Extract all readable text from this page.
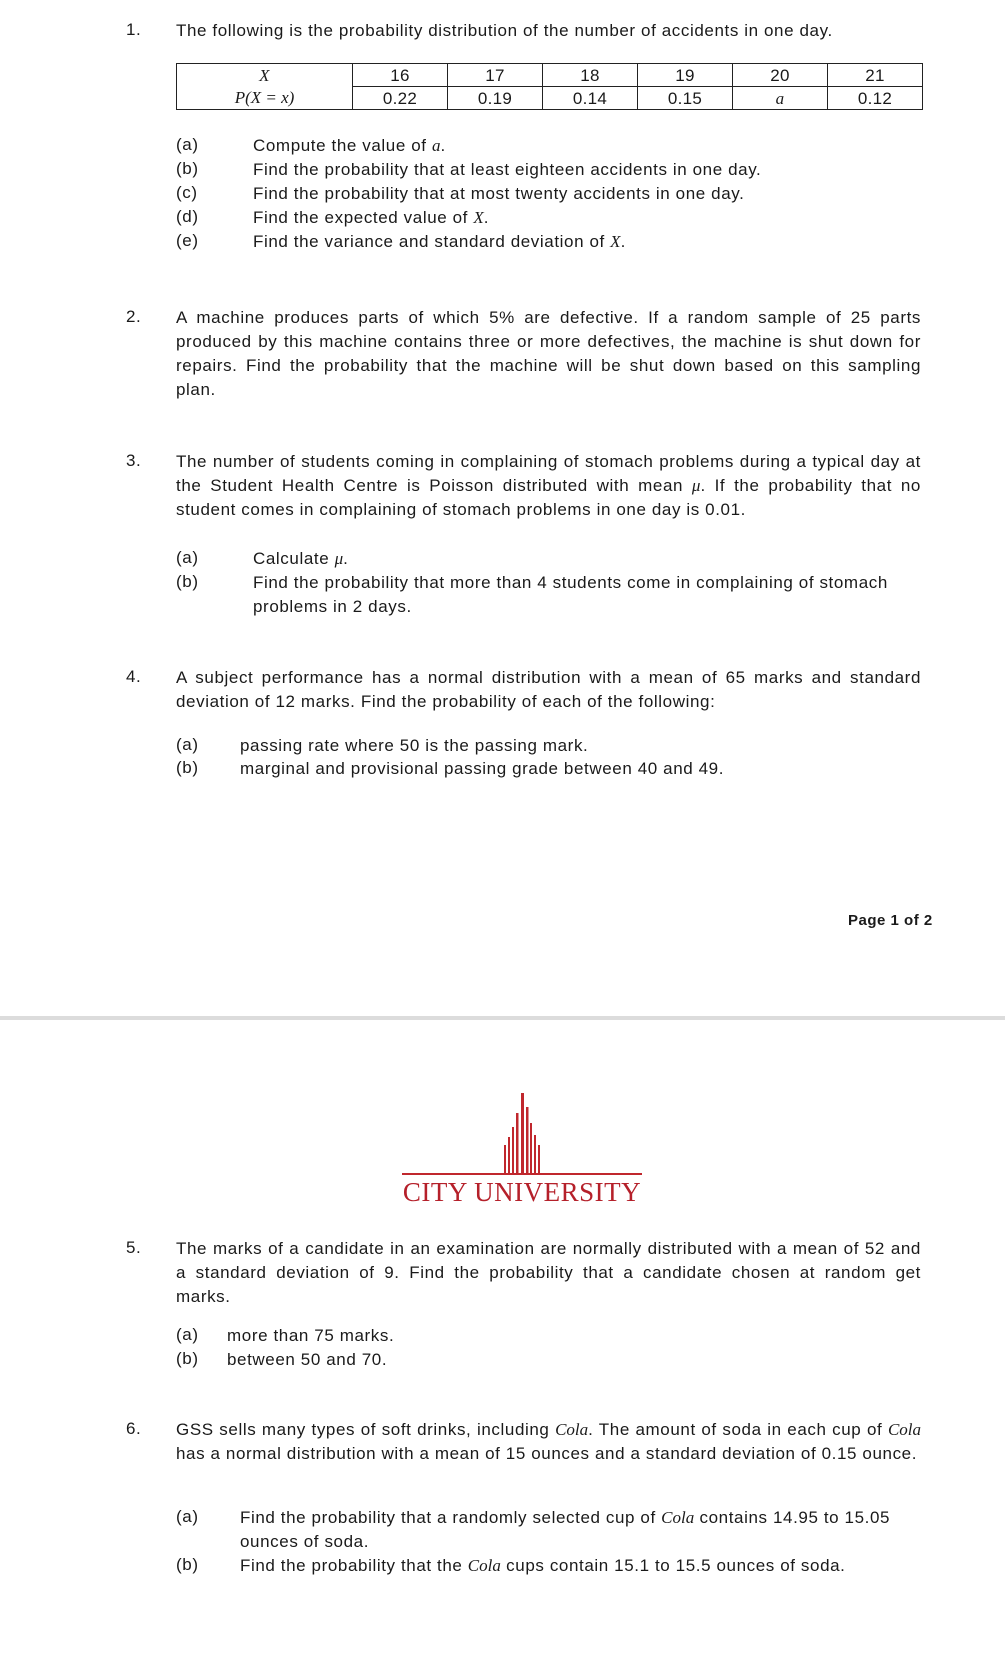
1. The following is the probability distribution of the number of accidents in one day.
X	16	17	18	19	20	21
P(X = x)	0.22	0.19	0.14	0.15	a	0.12
(a)	Compute the value of a.
(b)	Find the probability that at least eighteen accidents in one day.
(c)	Find the probability that at most twenty accidents in one day.
(d)	Find the expected value of X.
(e)	Find the variance and standard deviation of X.
2. A machine produces parts of which 5% are defective. If a random sample of 25 parts produced by this machine contains three or more defectives, the machine is shut down for repairs. Find the probability that the machine will be shut down based on this sampling plan.
3. The number of students coming in complaining of stomach problems during a typical day at the Student Health Centre is Poisson distributed with mean μ. If the probability that no student comes in complaining of stomach problems in one day is 0.01.
(a)	Calculate μ.
(b)	Find the probability that more than 4 students come in complaining of stomach problems in 2 days.
4. A subject performance has a normal distribution with a mean of 65 marks and standard deviation of 12 marks. Find the probability of each of the following:
(a) passing rate where 50 is the passing mark.
(b) marginal and provisional passing grade between 40 and 49.
Page 1 of 2
CITY UNIVERSITY
5. The marks of a candidate in an examination are normally distributed with a mean of 52 and a standard deviation of 9. Find the probability that a candidate chosen at random get marks.
(a) more than 75 marks.
(b) between 50 and 70.
6. GSS sells many types of soft drinks, including Cola. The amount of soda in each cup of Cola has a normal distribution with a mean of 15 ounces and a standard deviation of 0.15 ounce.
(a) Find the probability that a randomly selected cup of Cola contains 14.95 to 15.05 ounces of soda.
(b) Find the probability that the Cola cups contain 15.1 to 15.5 ounces of soda.
